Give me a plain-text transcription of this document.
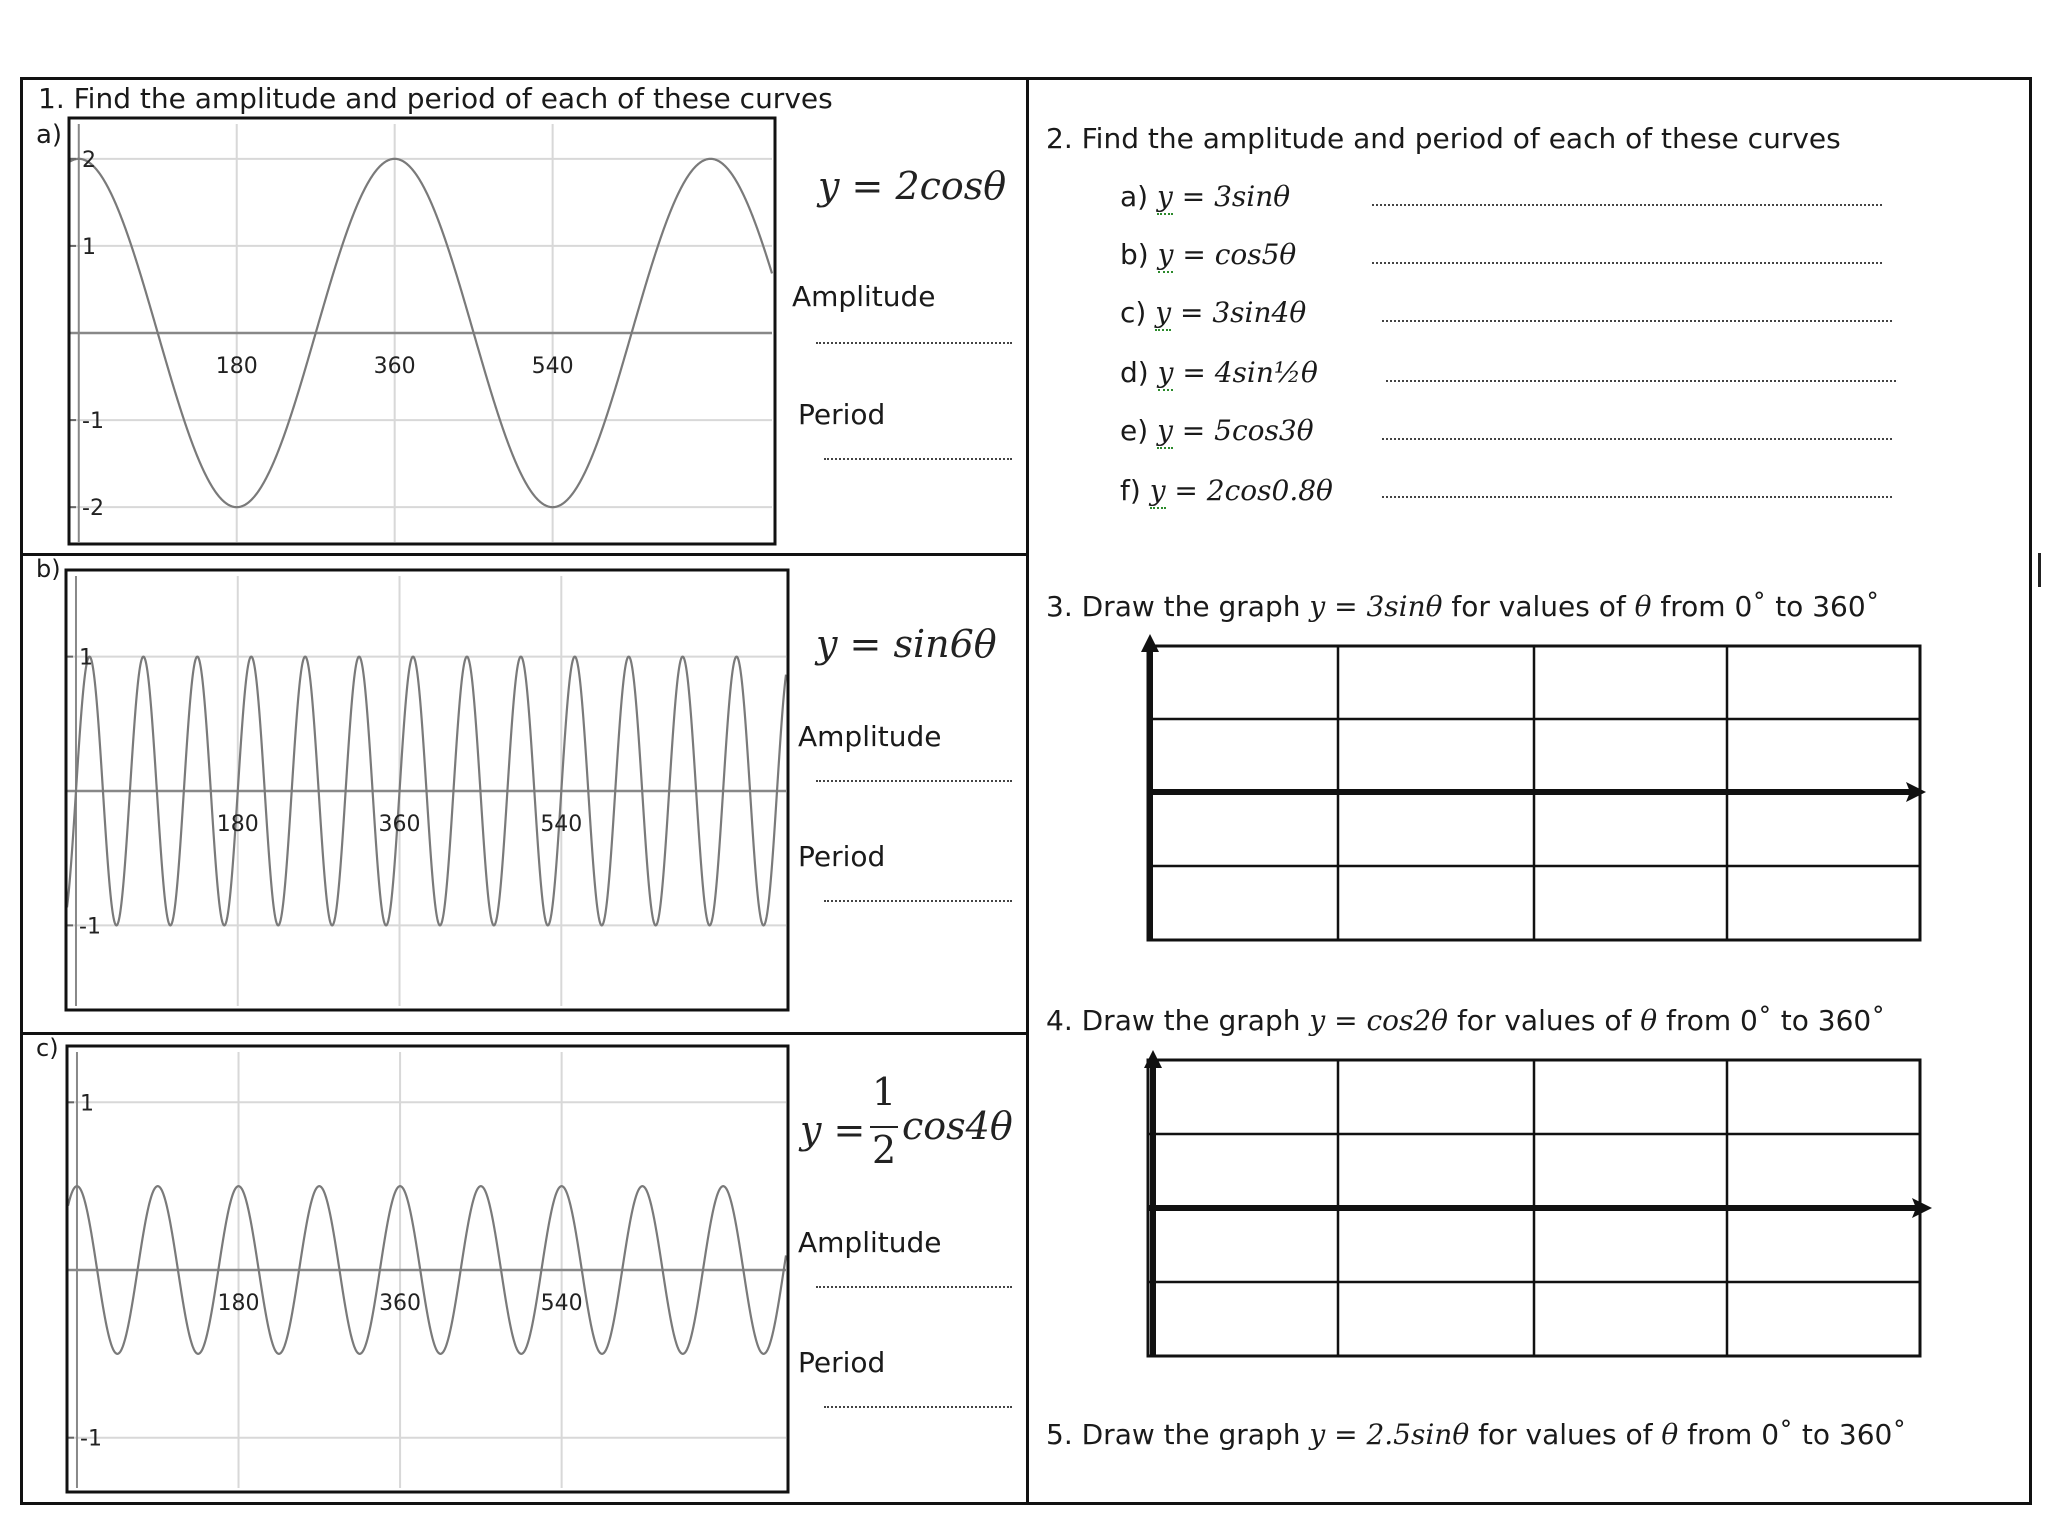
1. Find the amplitude and period of each of these curves
a)
b)
c)
180	360	540
2
1
-1
-2
180	360	540
1
-1
180	360	540
1
-1
y = 2cosθ
Amplitude
Period
y = sin6θ
Amplitude
Period
y =
1
2
cos4θ
Amplitude
Period
2. Find the amplitude and period of each of these curves
a) y = 3sinθ
b) y = cos5θ
c) y = 3sin4θ
d) y = 4sin½θ
e) y = 5cos3θ
f) y = 2cos0.8θ
3. Draw the graph y = 3sinθ for values of θ from 0˚ to 360˚
4. Draw the graph y = cos2θ for values of θ from 0˚ to 360˚
5. Draw the graph y = 2.5sinθ for values of θ from 0˚ to 360˚
